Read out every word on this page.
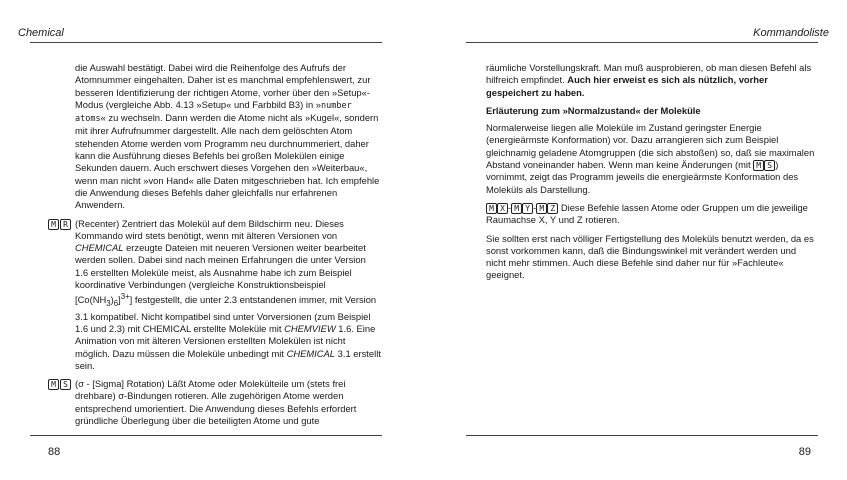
Chemical	Kommandoliste

die Auswahl bestätigt. Dabei wird die Reihenfolge des Aufrufs der Atomnummer eingehalten. Daher ist es manchmal empfehlenswert, zur besseren Identifizierung der richtigen Atome, vorher über den »Setup«-Modus (vergleiche Abb. 4.13 »Setup« und Farbbild B3) in »number atoms« zu wechseln. Dann werden die Atome nicht als »Kugel«, sondern mit ihrer Aufrufnummer dargestellt. Alle nach dem gelöschten Atom stehenden Atome werden vom Programm neu durchnummeriert, daher kann die Ausführung dieses Befehls bei großen Molekülen einige Sekunden dauern. Auch erschwert dieses Vorgehen den »Weiterbau«, wenn man nicht »von Hand« alle Daten mitgeschrieben hat. Ich empfehle die Anwendung dieses Befehls daher gleichfalls nur erfahrenen Anwendern.

M R (Recenter) Zentriert das Molekül auf dem Bildschirm neu. Dieses Kommando wird stets benötigt, wenn mit älteren Versionen von CHEMICAL erzeugte Dateien mit neueren Versionen weiter bearbeitet werden sollen. Dabei sind nach meinen Erfahrungen die unter Version 1.6 erstellten Moleküle meist, als Ausnahme habe ich zum Beispiel koordinative Verbindungen (vergleiche Konstruktionsbeispiel $[Co(NH_3)_6]^{3+}$] festgestellt, die unter 2.3 entstandenen immer, mit Version 3.1 kompatibel. Nicht kompatibel sind unter Vorversionen (zum Beispiel 1.6 und 2.3) mit CHEMICAL erstellte Moleküle mit CHEMVIEW 1.6. Eine Animation von mit älteren Versionen erstellten Molekülen ist nicht möglich. Dazu müssen die Moleküle unbedingt mit CHEMICAL 3.1 erstellt sein.
M S (σ - [Sigma] Rotation) Läßt Atome oder Molekülteile um (stets frei drehbare) σ-Bindungen rotieren. Alle zugehörigen Atome werden entsprechend umorientiert. Die Anwendung dieses Befehls erfordert gründliche Überlegung über die beteiligten Atome und gute

räumliche Vorstellungskraft. Man muß ausprobieren, ob man diesen Befehl als hilfreich empfindet. Auch hier erweist es sich als nützlich, vorher gespeichert zu haben.

Erläuterung zum »Normalzustand« der Moleküle

Normalerweise liegen alle Moleküle im Zustand geringster Energie (energieärmste Konformation) vor. Dazu arrangieren sich zum Beispiel gleichnamig geladene Atomgruppen (die sich abstoßen) so, daß sie maximalen Abstand voneinander haben. Wenn man keine Änderungen (mit M S ) vornimmt, zeigt das Programm jeweils die energieärmste Konformation des Moleküls als Darstellung.

M X - M Y - M Z Diese Befehle lassen Atome oder Gruppen um die jeweilige Raumachse X, Y und Z rotieren.

Sie sollten erst nach völliger Fertigstellung des Moleküls benutzt werden, da es sonst vorkommen kann, daß die Bindungswinkel mit verändert werden und nicht mehr stimmen. Auch diese Befehle sind daher nur für »Fachleute« geeignet.

88	89
